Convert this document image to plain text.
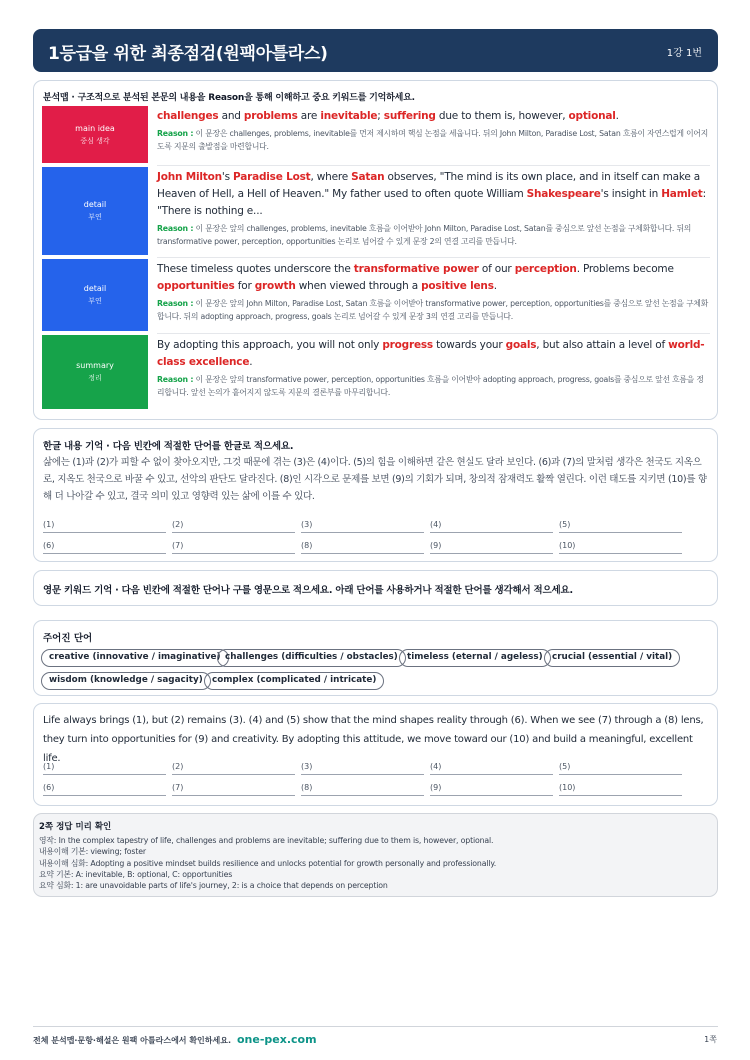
1등급을 위한 최종점검(원팩아틀라스)	1강 1번
분석맵 · 구조적으로 분석된 본문의 내용을 Reason을 통해 이해하고 중요 키워드를 기억하세요.
main idea
중심 생각
challenges and problems are inevitable; suffering due to them is, however, optional.
Reason : 이 문장은 challenges, problems, inevitable를 먼저 제시하며 핵심 논점을 세웁니다. 뒤의 John Milton, Paradise Lost, Satan 흐름이 자연스럽게 이어지도록 지문의 출발점을 마련합니다.
detail
부연
John Milton's Paradise Lost, where Satan observes, "The mind is its own place, and in itself can make a Heaven of Hell, a Hell of Heaven." My father used to often quote William Shakespeare's insight in Hamlet: "There is nothing e...
Reason : 이 문장은 앞의 challenges, problems, inevitable 흐름을 이어받아 John Milton, Paradise Lost, Satan를 중심으로 앞선 논점을 구체화합니다. 뒤의 transformative power, perception, opportunities 논리로 넘어갈 수 있게 문장 2의 연결 고리를 만듭니다.
detail
부연
These timeless quotes underscore the transformative power of our perception. Problems become opportunities for growth when viewed through a positive lens.
Reason : 이 문장은 앞의 John Milton, Paradise Lost, Satan 흐름을 이어받아 transformative power, perception, opportunities를 중심으로 앞선 논점을 구체화합니다. 뒤의 adopting approach, progress, goals 논리로 넘어갈 수 있게 문장 3의 연결 고리를 만듭니다.
summary
정리
By adopting this approach, you will not only progress towards your goals, but also attain a level of world-class excellence.
Reason : 이 문장은 앞의 transformative power, perception, opportunities 흐름을 이어받아 adopting approach, progress, goals를 중심으로 앞선 흐름을 정리합니다. 앞선 논의가 흩어지지 않도록 지문의 결론부를 마무리합니다.
한글 내용 기억 · 다음 빈칸에 적절한 단어를 한글로 적으세요.
삶에는 (1)과 (2)가 피할 수 없이 찾아오지만, 그것 때문에 겪는 (3)은 (4)이다. (5)의 힘을 이해하면 같은 현실도 달라 보인다. (6)과 (7)의 말처럼 생각은 천국도 지옥으로, 지옥도 천국으로 바꿀 수 있고, 선악의 판단도 달라진다. (8)인 시각으로 문제를 보면 (9)의 기회가 되며, 창의적 잠재력도 활짝 열린다. 이런 태도를 지키면 (10)를 향해 더 나아갈 수 있고, 결국 의미 있고 영향력 있는 삶에 이를 수 있다.
(1)	(2)	(3)	(4)	(5)
(6)	(7)	(8)	(9)	(10)
영문 키워드 기억 · 다음 빈칸에 적절한 단어나 구를 영문으로 적으세요. 아래 단어를 사용하거나 적절한 단어를 생각해서 적으세요.
주어진 단어
creative (innovative / imaginative) challenges (difficulties / obstacles)	timeless (eternal / ageless)	crucial (essential / vital)
wisdom (knowledge / sagacity)	complex (complicated / intricate)
Life always brings (1), but (2) remains (3). (4) and (5) show that the mind shapes reality through (6). When we see (7) through a (8) lens, they turn into opportunities for (9) and creativity. By adopting this attitude, we move toward our (10) and build a meaningful, excellent life.
(1)	(2)	(3)	(4)	(5)
(6)	(7)	(8)	(9)	(10)
2쪽 정답 미리 확인
영작: In the complex tapestry of life, challenges and problems are inevitable; suffering due to them is, however, optional.
내용이해 기본: viewing; foster
내용이해 심화: Adopting a positive mindset builds resilience and unlocks potential for growth personally and professionally.
요약 기본: A: inevitable, B: optional, C: opportunities
요약 심화: 1: are unavoidable parts of life's journey, 2: is a choice that depends on perception
전체 분석맵·문항·해설은 원팩 아틀라스에서 확인하세요. one-pex.com	1쪽
